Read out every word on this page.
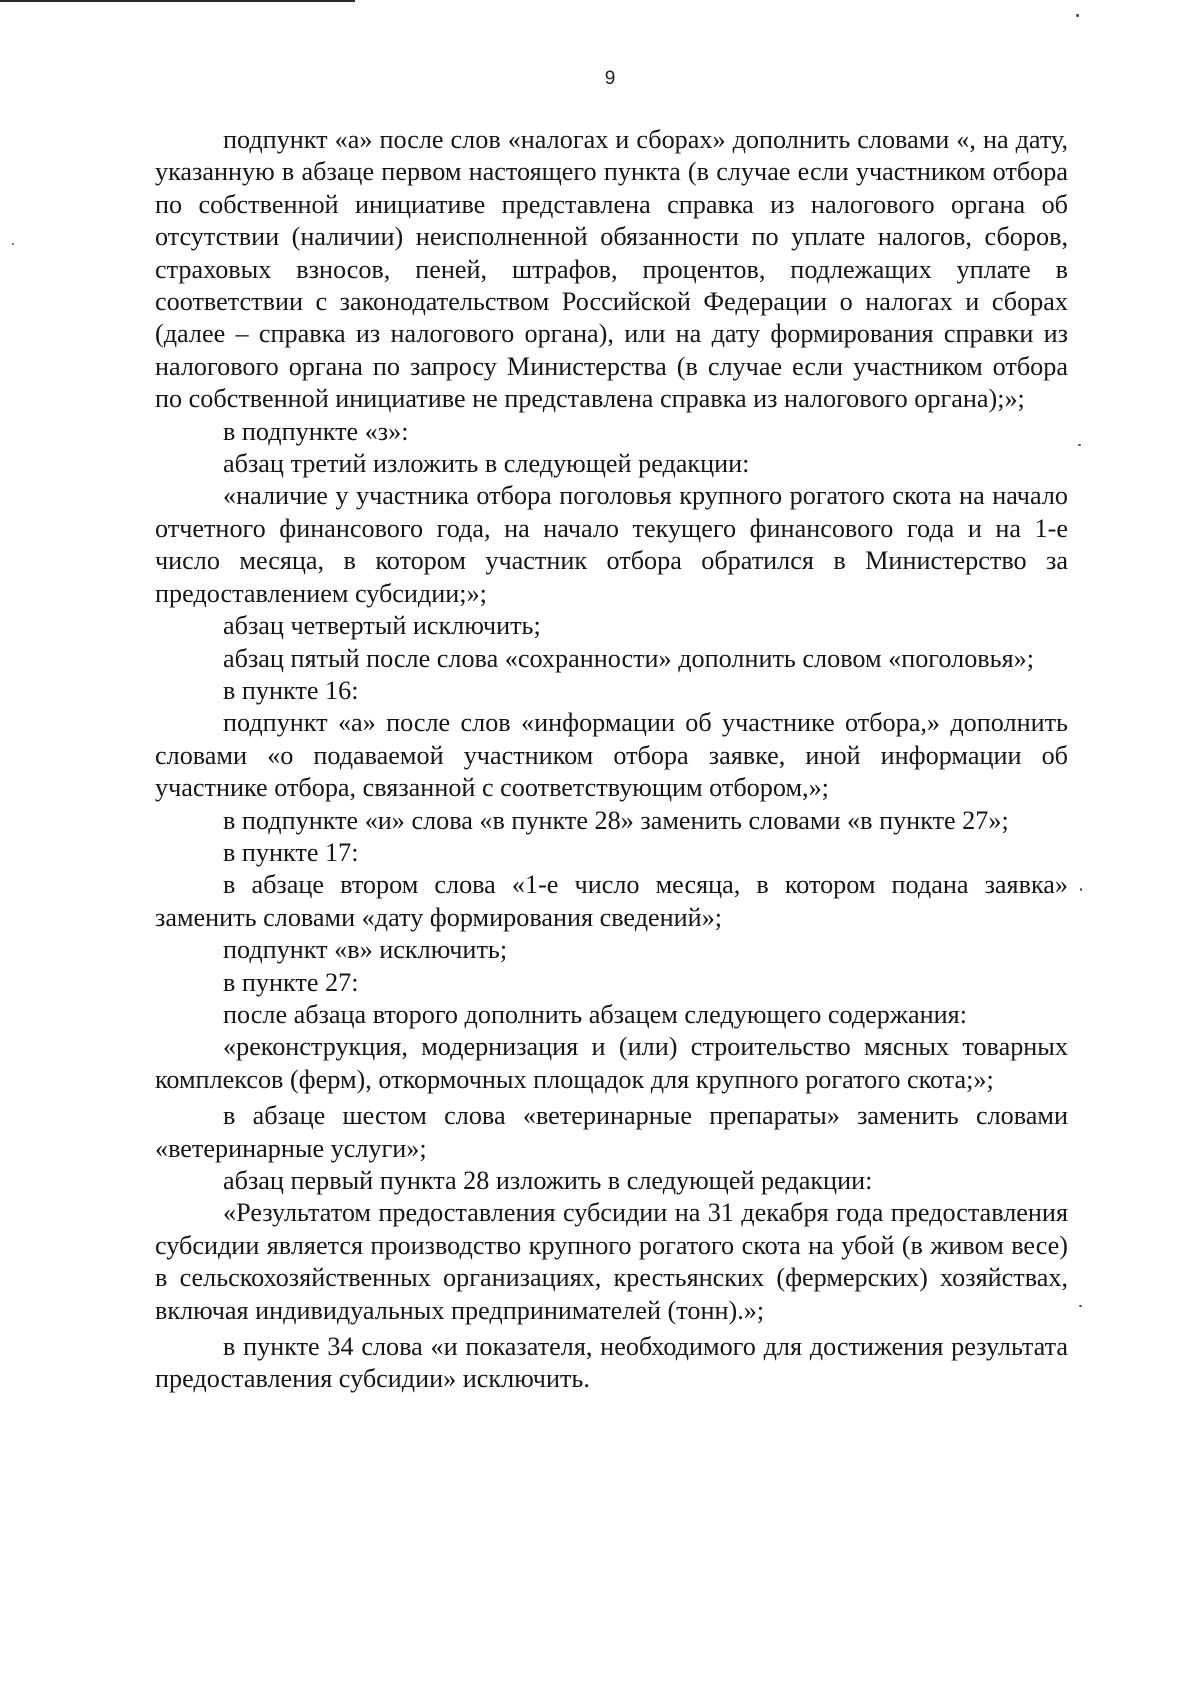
9

подпункт «а» после слов «налогах и сборах» дополнить словами «, на дату, указанную в абзаце первом настоящего пункта (в случае если участником отбора по собственной инициативе представлена справка из налогового органа об отсутствии (наличии) неисполненной обязанности по уплате налогов, сборов, страховых взносов, пеней, штрафов, процентов, подлежащих уплате в соответствии с законодательством Российской Федерации о налогах и сборах (далее – справка из налогового органа), или на дату формирования справки из налогового органа по запросу Министерства (в случае если участником отбора по собственной инициативе не представлена справка из налогового органа);»;

в подпункте «з»:

абзац третий изложить в следующей редакции:

«наличие у участника отбора поголовья крупного рогатого скота на начало отчетного финансового года, на начало текущего финансового года и на 1-е число месяца, в котором участник отбора обратился в Министерство за предоставлением субсидии;»;

абзац четвертый исключить;

абзац пятый после слова «сохранности» дополнить словом «поголовья»;

в пункте 16:

подпункт «а» после слов «информации об участнике отбора,» дополнить словами «о подаваемой участником отбора заявке, иной информации об участнике отбора, связанной с соответствующим отбором,»;

в подпункте «и» слова «в пункте 28» заменить словами «в пункте 27»;

в пункте 17:

в абзаце втором слова «1-е число месяца, в котором подана заявка» заменить словами «дату формирования сведений»;

подпункт «в» исключить;

в пункте 27:

после абзаца второго дополнить абзацем следующего содержания:

«реконструкция, модернизация и (или) строительство мясных товарных комплексов (ферм), откормочных площадок для крупного рогатого скота;»;

в абзаце шестом слова «ветеринарные препараты» заменить словами «ветеринарные услуги»;

абзац первый пункта 28 изложить в следующей редакции:

«Результатом предоставления субсидии на 31 декабря года предоставления субсидии является производство крупного рогатого скота на убой (в живом весе) в сельскохозяйственных организациях, крестьянских (фермерских) хозяйствах, включая индивидуальных предпринимателей (тонн).»;

в пункте 34 слова «и показателя, необходимого для достижения результата предоставления субсидии» исключить.
